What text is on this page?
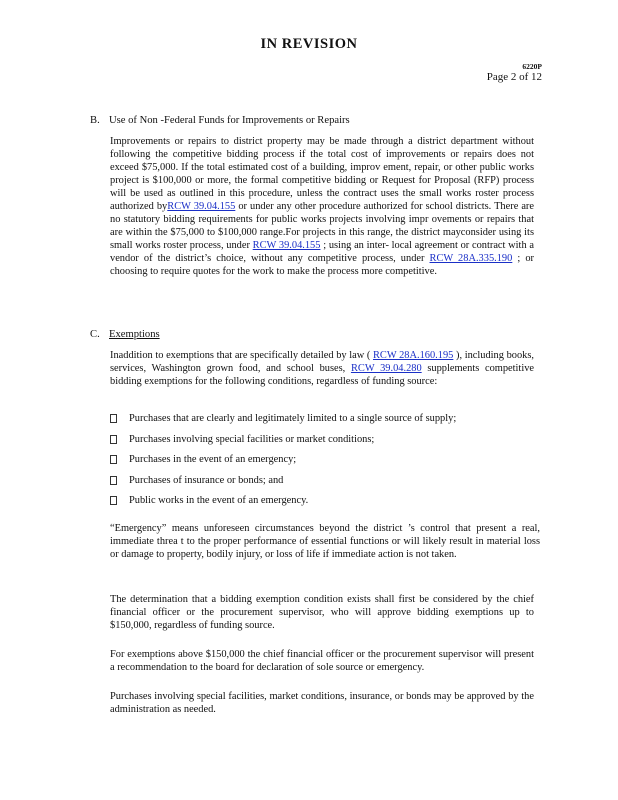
IN REVISION
6220P
Page 2 of 12
B. Use of Non -Federal Funds for Improvements or Repairs
Improvements or repairs to district property may be made through a district department without following the competitive bidding process if the total cost of improvements or repairs does not exceed $75,000. If the total estimated cost of a building, improv ement, repair, or other public works project is $100,000 or more, the formal competitive bidding or Request for Proposal (RFP) process will be used as outlined in this procedure, unless the contract uses the small works roster process authorized byRCW 39.04.155 or under any other procedure authorized for school districts. There are no statutory bidding requirements for public works projects involving impr ovements or repairs that are within the $75,000 to $100,000 range.For projects in this range, the district mayconsider using its small works roster process, under RCW 39.04.155 ; using an inter- local agreement or contract with a vendor of the district’s choice, without any competitive process, under RCW 28A.335.190 ; or choosing to require quotes for the work to make the process more competitive.
C. Exemptions
Inaddition to exemptions that are specifically detailed by law ( RCW 28A.160.195 ), including books, services, Washington grown food, and school buses, RCW 39.04.280 supplements competitive bidding exemptions for the following conditions, regardless of funding source:
Purchases that are clearly and legitimately limited to a single source of supply;
Purchases involving special facilities or market conditions;
Purchases in the event of an emergency;
Purchases of insurance or bonds; and
Public works in the event of an emergency.
“Emergency” means unforeseen circumstances beyond the district ’s control that present a real, immediate threa t to the proper performance of essential functions or will likely result in material loss or damage to property, bodily injury, or loss of life if immediate action is not taken.
The determination that a bidding exemption condition exists shall first be considered by the chief financial officer or the procurement supervisor, who will approve bidding exemptions up to $150,000, regardless of funding source.
For exemptions above $150,000 the chief financial officer or the procurement supervisor will present a recommendation to the board for declaration of sole source or emergency.
Purchases involving special facilities, market conditions, insurance, or bonds may be approved by the administration as needed.
